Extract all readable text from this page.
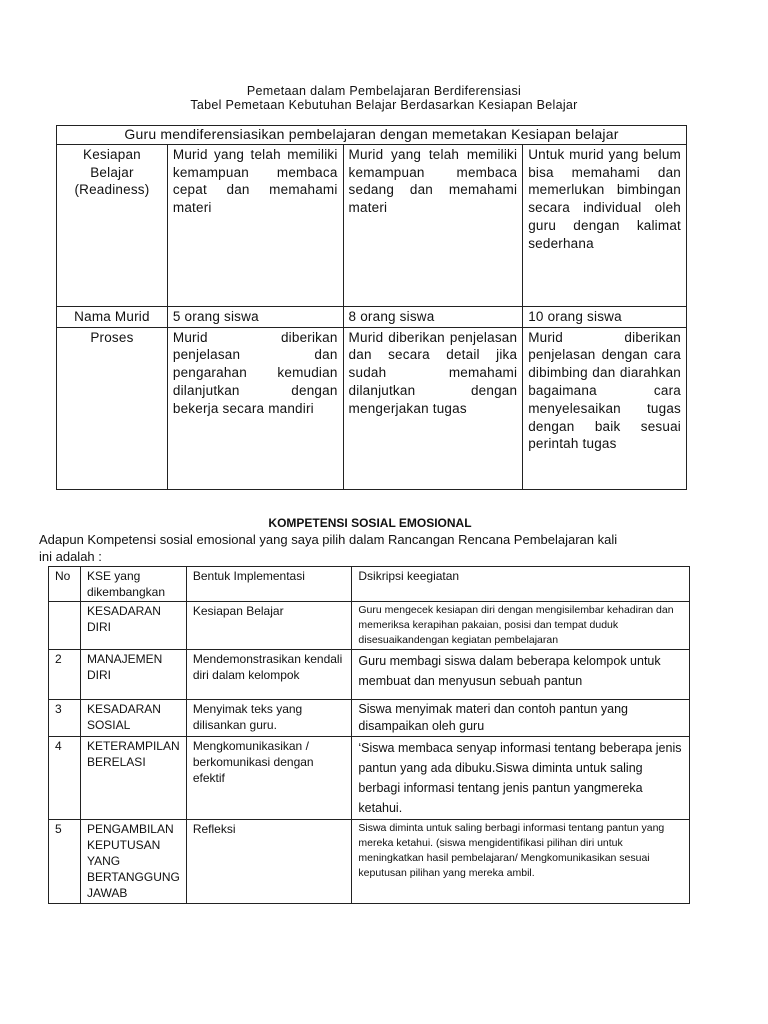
Pemetaan dalam Pembelajaran Berdiferensiasi
Tabel Pemetaan Kebutuhan Belajar Berdasarkan Kesiapan Belajar
Guru mendiferensiasikan pembelajaran dengan memetakan Kesiapan belajar			
Kesiapan Belajar (Readiness)	Murid yang telah memiliki kemampuan membaca cepat dan memahami materi	Murid yang telah memiliki kemampuan membaca sedang dan memahami materi	Untuk murid yang belum bisa memahami dan memerlukan bimbingan secara individual oleh guru dengan kalimat sederhana
Nama Murid	5 orang siswa	8 orang siswa	10 orang siswa
Proses	Murid diberikan penjelasan dan pengarahan kemudian dilanjutkan dengan bekerja secara mandiri	Murid diberikan penjelasan dan secara detail jika sudah memahami dilanjutkan dengan mengerjakan tugas	Murid diberikan penjelasan dengan cara dibimbing dan diarahkan bagaimana cara menyelesaikan tugas dengan baik sesuai perintah tugas
KOMPETENSI SOSIAL EMOSIONAL
Adapun Kompetensi sosial emosional yang saya pilih dalam Rancangan Rencana Pembelajaran kali ini adalah :
No	KSE yang dikembangkan	Bentuk Implementasi	Dsikripsi keegiatan
	KESADARAN DIRI	Kesiapan Belajar	Guru mengecek kesiapan diri dengan mengisilembar kehadiran dan memeriksa kerapihan pakaian, posisi dan tempat duduk disesuaikandengan kegiatan pembelajaran
2	MANAJEMEN DIRI	Mendemonstrasikan kendali diri dalam kelompok	Guru membagi siswa dalam beberapa kelompok untuk membuat dan menyusun sebuah pantun
3	KESADARAN SOSIAL	Menyimak teks yang dilisankan guru.	Siswa menyimak materi dan contoh pantun yang disampaikan oleh guru
4	KETERAMPILAN BERELASI	Mengkomunikasikan / berkomunikasi dengan efektif	‘Siswa membaca senyap informasi tentang beberapa jenis pantun yang ada dibuku.Siswa diminta untuk saling berbagi informasi tentang jenis pantun yangmereka ketahui.
5	PENGAMBILAN KEPUTUSAN YANG BERTANGGUNG JAWAB	Refleksi	Siswa diminta untuk saling berbagi informasi tentang pantun yang mereka ketahui. (siswa mengidentifikasi pilihan diri untuk meningkatkan hasil pembelajaran/ Mengkomunikasikan sesuai keputusan pilihan yang mereka ambil.
